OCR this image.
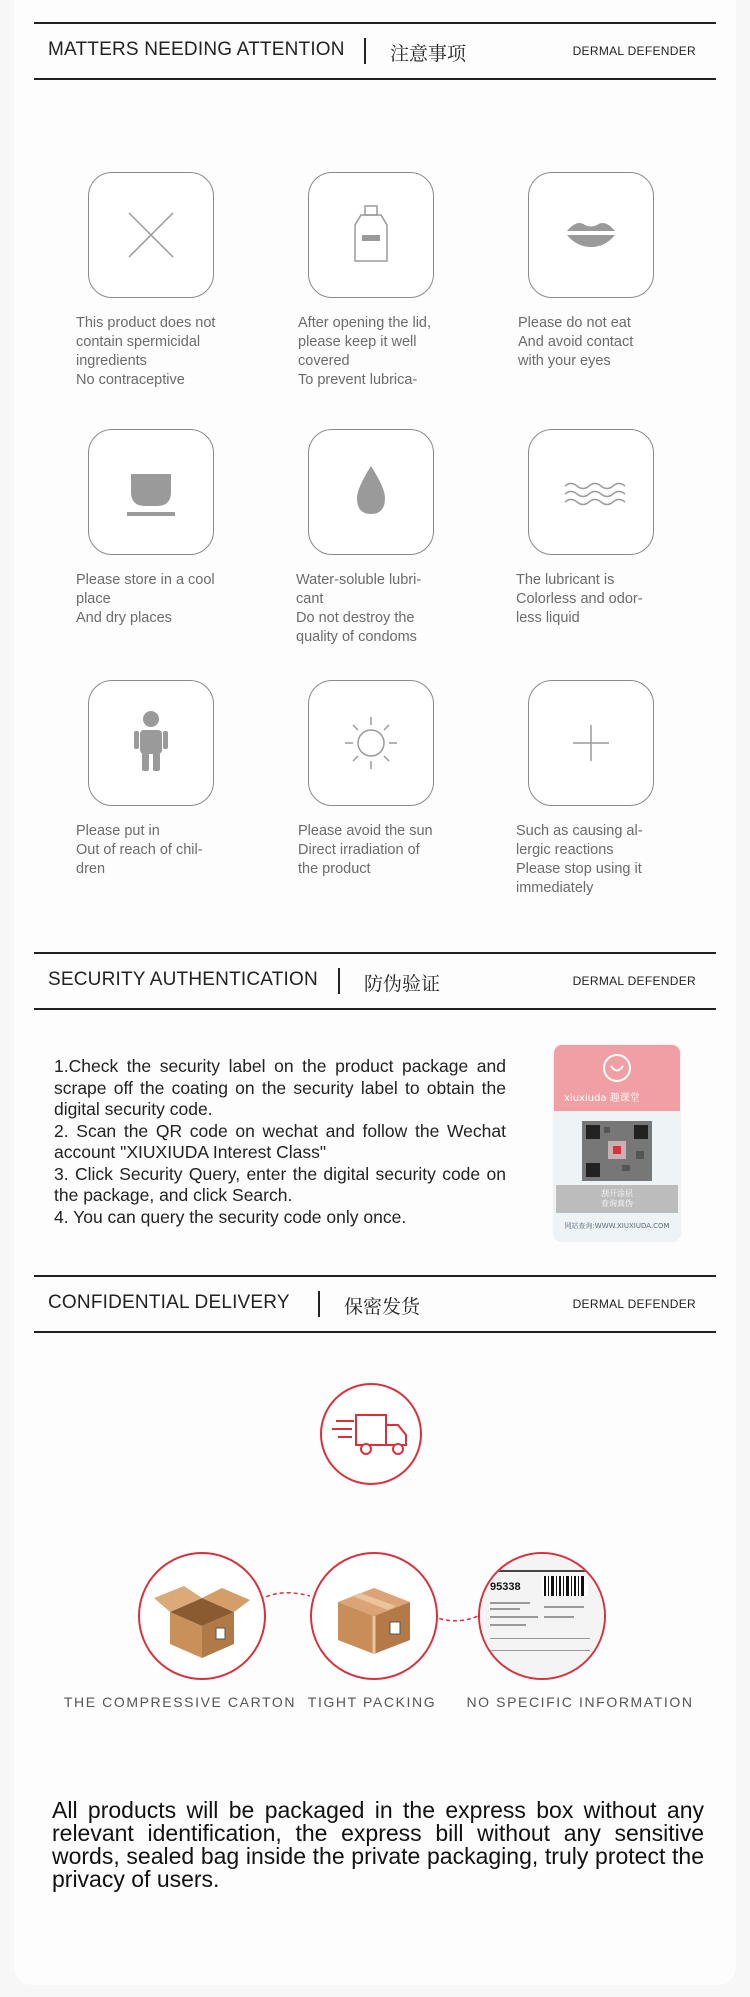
MATTERS NEEDING ATTENTION 注意事项	DERMAL DEFENDER
This product does not
contain spermicidal
ingredients
No contraceptive
After opening the lid,
please keep it well
covered
To prevent lubrica-
Please do not eat
And avoid contact
with your eyes
Please store in a cool
place
And dry places
Water-soluble lubri-
cant
Do not destroy the
quality of condoms
The lubricant is
Colorless and odor-
less liquid
Please put in
Out of reach of chil-
dren
Please avoid the sun
Direct irradiation of
the product
Such as causing al-
lergic reactions
Please stop using it
immediately
SECURITY AUTHENTICATION 防伪验证	DERMAL DEFENDER
1.Check the security label on the product package and scrape off the coating on the security label to obtain the digital security code.
2. Scan the QR code on wechat and follow the Wechat account "XIUXIUDA Interest Class"
3. Click Security Query, enter the digital security code on the package, and click Search.
4. You can query the security code only once.
xiuxiuda 趣课堂
刮开涂层
查询真伪
网站查询:WWW.XIUXIUDA.COM
CONFIDENTIAL DELIVERY	保密发货	DERMAL DEFENDER
95338
THE COMPRESSIVE CARTON TIGHT PACKING	NO SPECIFIC INFORMATION
All products will be packaged in the express box without any relevant identification, the express bill without any sensitive words, sealed bag inside the private packaging, truly protect the privacy of users.
